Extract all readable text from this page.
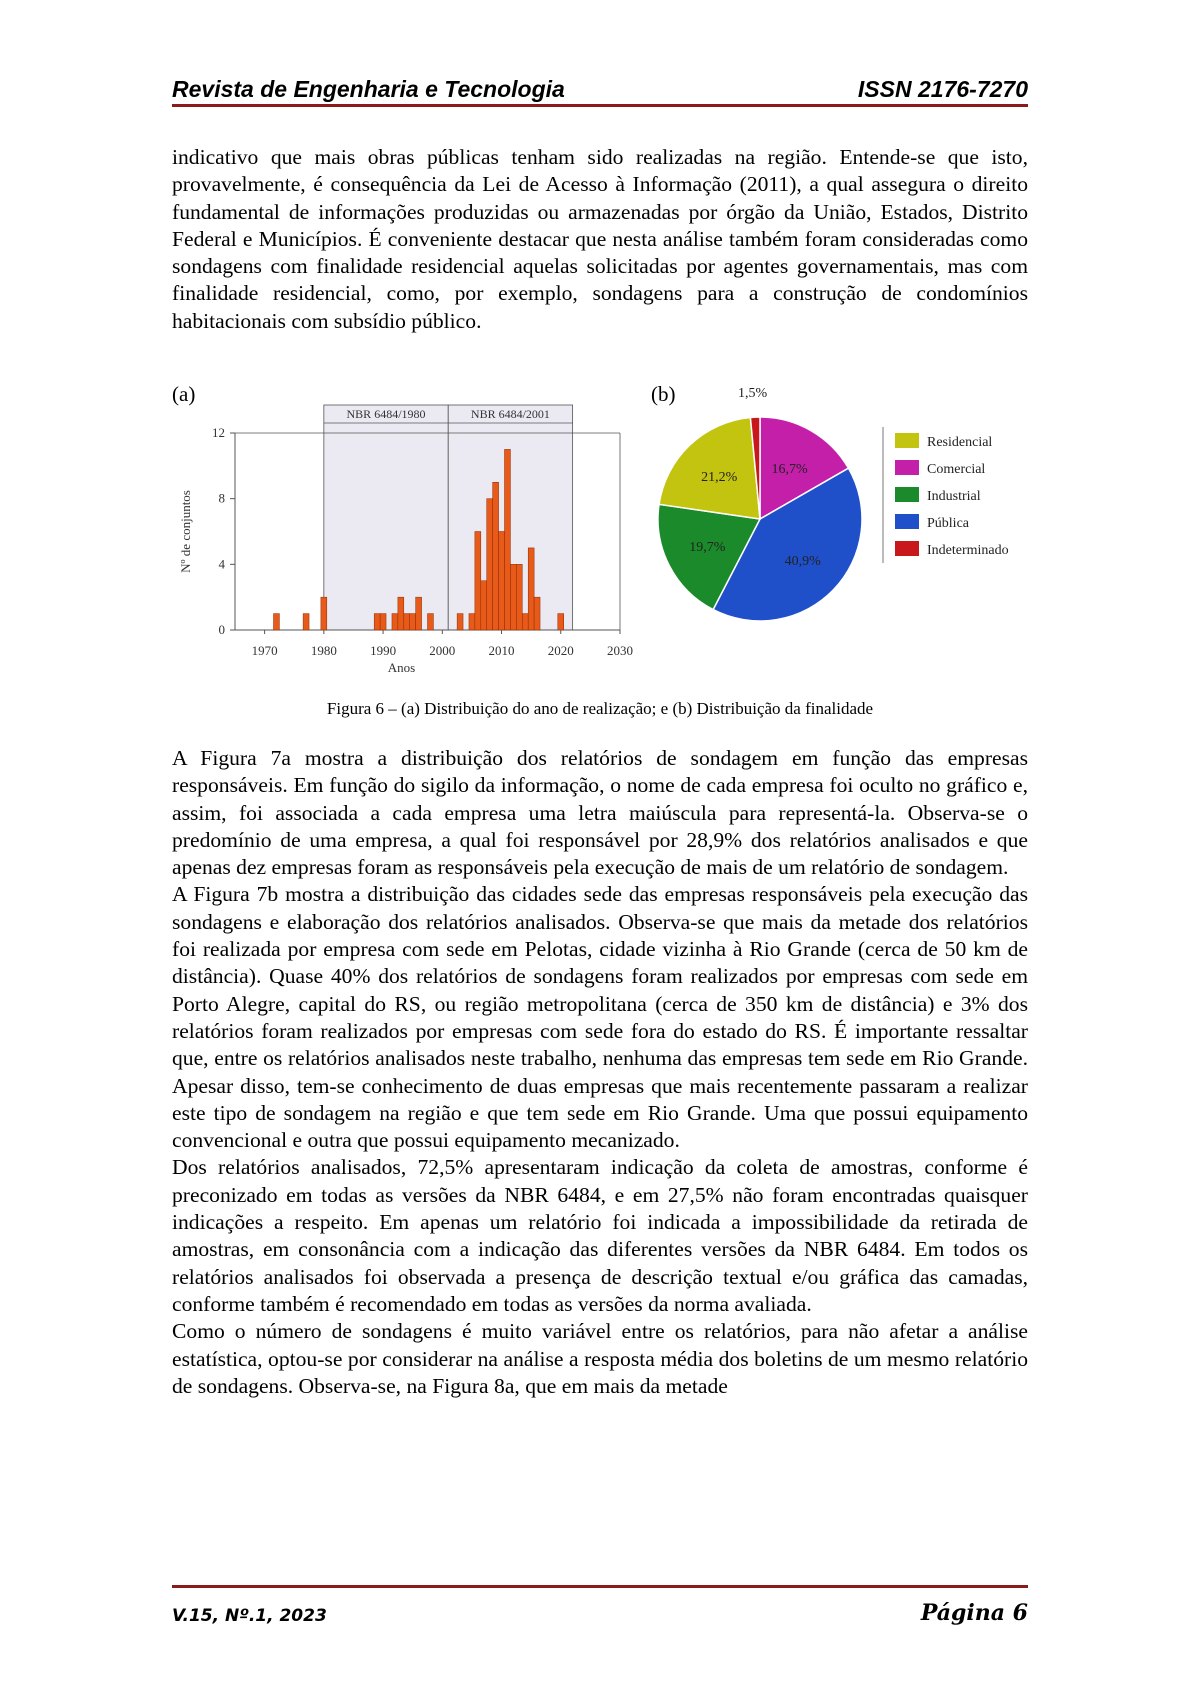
Revista de Engenharia e Tecnologia	ISSN 2176-7270

indicativo que mais obras públicas tenham sido realizadas na região. Entende-se que isto, provavelmente, é consequência da Lei de Acesso à Informação (2011), a qual assegura o direito fundamental de informações produzidas ou armazenadas por órgão da União, Estados, Distrito Federal e Municípios. É conveniente destacar que nesta análise também foram consideradas como sondagens com finalidade residencial aquelas solicitadas por agentes governamentais, mas com finalidade residencial, como, por exemplo, sondagens para a construção de condomínios habitacionais com subsídio público.

(a)	(b)
NBR 6484/1980	NBR 6484/2001
0
4
8
12
1970	1980	1990	2000	2010	2020	2030
Anos
Nº de conjuntos
21,2%
16,7%
19,7%
40,9%
1,5%
Residencial
Comercial
Industrial
Pública
Indeterminado
Figura 6 – (a) Distribuição do ano de realização; e (b) Distribuição da finalidade

A Figura 7a mostra a distribuição dos relatórios de sondagem em função das empresas responsáveis. Em função do sigilo da informação, o nome de cada empresa foi oculto no gráfico e, assim, foi associada a cada empresa uma letra maiúscula para representá-la. Observa-se o predomínio de uma empresa, a qual foi responsável por 28,9% dos relatórios analisados e que apenas dez empresas foram as responsáveis pela execução de mais de um relatório de sondagem.

A Figura 7b mostra a distribuição das cidades sede das empresas responsáveis pela execução das sondagens e elaboração dos relatórios analisados. Observa-se que mais da metade dos relatórios foi realizada por empresa com sede em Pelotas, cidade vizinha à Rio Grande (cerca de 50 km de distância). Quase 40% dos relatórios de sondagens foram realizados por empresas com sede em Porto Alegre, capital do RS, ou região metropolitana (cerca de 350 km de distância) e 3% dos relatórios foram realizados por empresas com sede fora do estado do RS. É importante ressaltar que, entre os relatórios analisados neste trabalho, nenhuma das empresas tem sede em Rio Grande. Apesar disso, tem-se conhecimento de duas empresas que mais recentemente passaram a realizar este tipo de sondagem na região e que tem sede em Rio Grande. Uma que possui equipamento convencional e outra que possui equipamento mecanizado.

Dos relatórios analisados, 72,5% apresentaram indicação da coleta de amostras, conforme é preconizado em todas as versões da NBR 6484, e em 27,5% não foram encontradas quaisquer indicações a respeito. Em apenas um relatório foi indicada a impossibilidade da retirada de amostras, em consonância com a indicação das diferentes versões da NBR 6484. Em todos os relatórios analisados foi observada a presença de descrição textual e/ou gráfica das camadas, conforme também é recomendado em todas as versões da norma avaliada.

Como o número de sondagens é muito variável entre os relatórios, para não afetar a análise estatística, optou-se por considerar na análise a resposta média dos boletins de um mesmo relatório de sondagens. Observa-se, na Figura 8a, que em mais da metade

V.15, Nº.1, 2023	Página 6
